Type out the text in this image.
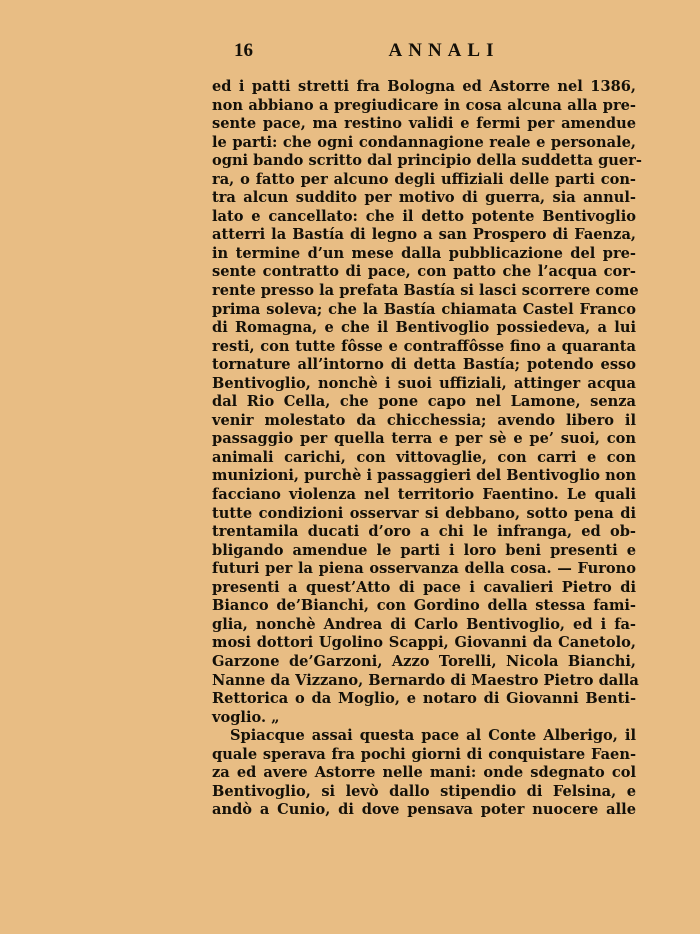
16	ANNALI
ed i patti stretti fra Bologna ed Astorre nel 1386,
non abbiano a pregiudicare in cosa alcuna alla pre-
sente pace, ma restino validi e fermi per amendue
le parti: che ogni condannagione reale e personale,
ogni bando scritto dal principio della suddetta guer-
ra, o fatto per alcuno degli uffiziali delle parti con-
tra alcun suddito per motivo di guerra, sia annul-
lato e cancellato: che il detto potente Bentivoglio
atterri la Bastía di legno a san Prospero di Faenza,
in termine d’un mese dalla pubblicazione del pre-
sente contratto di pace, con patto che l’acqua cor-
rente presso la prefata Bastía si lasci scorrere come
prima soleva; che la Bastía chiamata Castel Franco
di Romagna, e che il Bentivoglio possiedeva, a lui
resti, con tutte fôsse e contraffôsse fino a quaranta
tornature all’intorno di detta Bastía; potendo esso
Bentivoglio, nonchè i suoi uffiziali, attinger acqua
dal Rio Cella, che pone capo nel Lamone, senza
venir molestato da chicchessia; avendo libero il
passaggio per quella terra e per sè e pe’ suoi, con
animali carichi, con vittovaglie, con carri e con
munizioni, purchè i passaggieri del Bentivoglio non
facciano violenza nel territorio Faentino. Le quali
tutte condizioni osservar si debbano, sotto pena di
trentamila ducati d’oro a chi le infranga, ed ob-
bligando amendue le parti i loro beni presenti e
futuri per la piena osservanza della cosa. — Furono
presenti a quest’Atto di pace i cavalieri Pietro di
Bianco de’Bianchi, con Gordino della stessa fami-
glia, nonchè Andrea di Carlo Bentivoglio, ed i fa-
mosi dottori Ugolino Scappi, Giovanni da Canetolo,
Garzone de’Garzoni, Azzo Torelli, Nicola Bianchi,
Nanne da Vizzano, Bernardo di Maestro Pietro dalla
Rettorica o da Moglio, e notaro di Giovanni Benti-
voglio. „
Spiacque assai questa pace al Conte Alberigo, il
quale sperava fra pochi giorni di conquistare Faen-
za ed avere Astorre nelle mani: onde sdegnato col
Bentivoglio, si levò dallo stipendio di Felsina, e
andò a Cunio, di dove pensava poter nuocere alle
